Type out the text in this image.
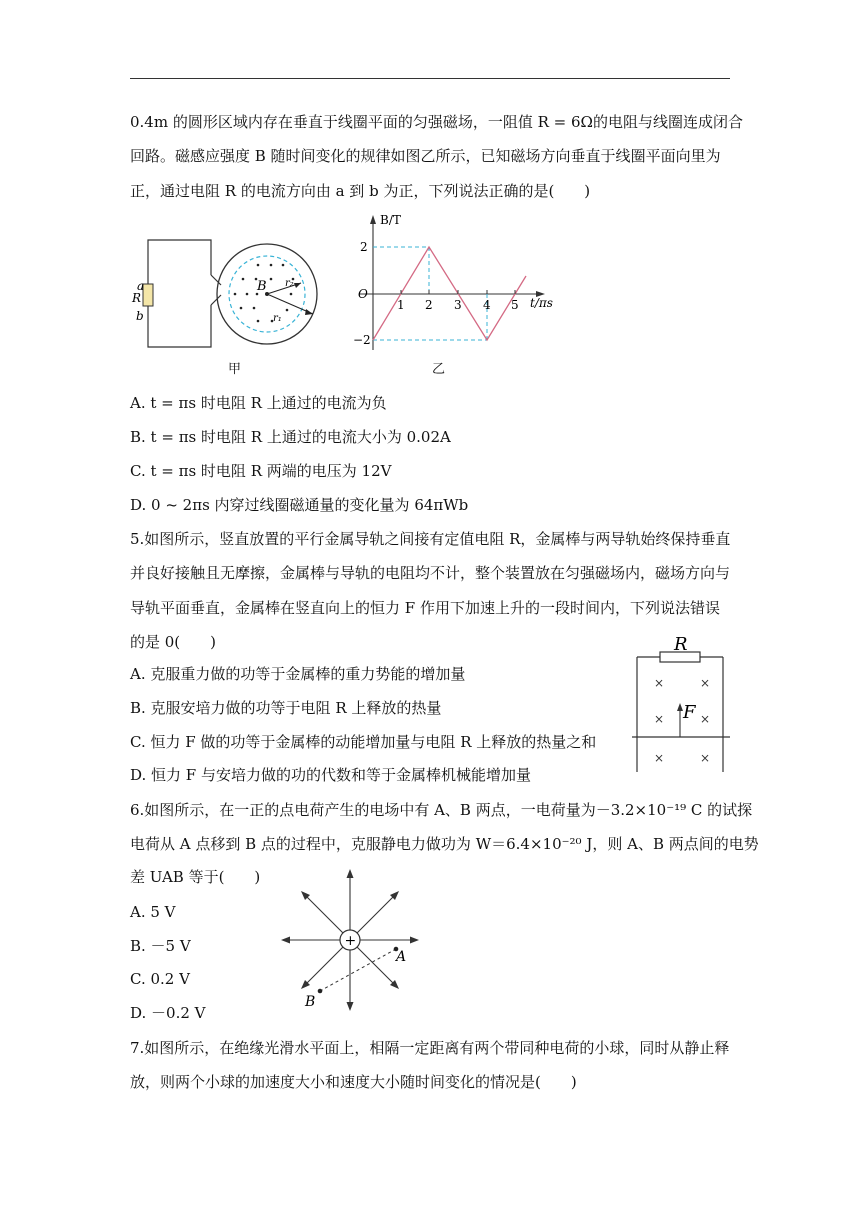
0.4m 的圆形区域内存在垂直于线圈平面的匀强磁场，一阻值 R = 6Ω的电阻与线圈连成闭合
回路。磁感应强度 B 随时间变化的规律如图乙所示，已知磁场方向垂直于线圈平面向里为
正，通过电阻 R 的电流方向由 a 到 b 为正，下列说法正确的是(　　)
a
R
b
B r₂
r₁
甲
B/T
2
−2
O
1 2 3 4 5 t/πs
乙
A. t = πs 时电阻 R 上通过的电流为负
B. t = πs 时电阻 R 上通过的电流大小为 0.02A
C. t = πs 时电阻 R 两端的电压为 12V
D. 0 ~ 2πs 内穿过线圈磁通量的变化量为 64πWb
5.如图所示，竖直放置的平行金属导轨之间接有定值电阻 R，金属棒与两导轨始终保持垂直
并良好接触且无摩擦，金属棒与导轨的电阻均不计，整个装置放在匀强磁场内，磁场方向与
导轨平面垂直，金属棒在竖直向上的恒力 F 作用下加速上升的一段时间内，下列说法错误
的是 0(　　)
A. 克服重力做的功等于金属棒的重力势能的增加量
B. 克服安培力做的功等于电阻 R 上释放的热量
C. 恒力 F 做的功等于金属棒的动能增加量与电阻 R 上释放的热量之和
D. 恒力 F 与安培力做的功的代数和等于金属棒机械能增加量
R
F
×	×
×	×
×	×
6.如图所示，在一正的点电荷产生的电场中有 A、B 两点，一电荷量为－3.2×10⁻¹⁹ C 的试探
电荷从 A 点移到 B 点的过程中，克服静电力做功为 W＝6.4×10⁻²⁰ J，则 A、B 两点间的电势
差 UAB 等于(　　)
A. 5 V
B. －5 V
C. 0.2 V
D. －0.2 V
+
A
B
7.如图所示，在绝缘光滑水平面上，相隔一定距离有两个带同种电荷的小球，同时从静止释
放，则两个小球的加速度大小和速度大小随时间变化的情况是(　　)
